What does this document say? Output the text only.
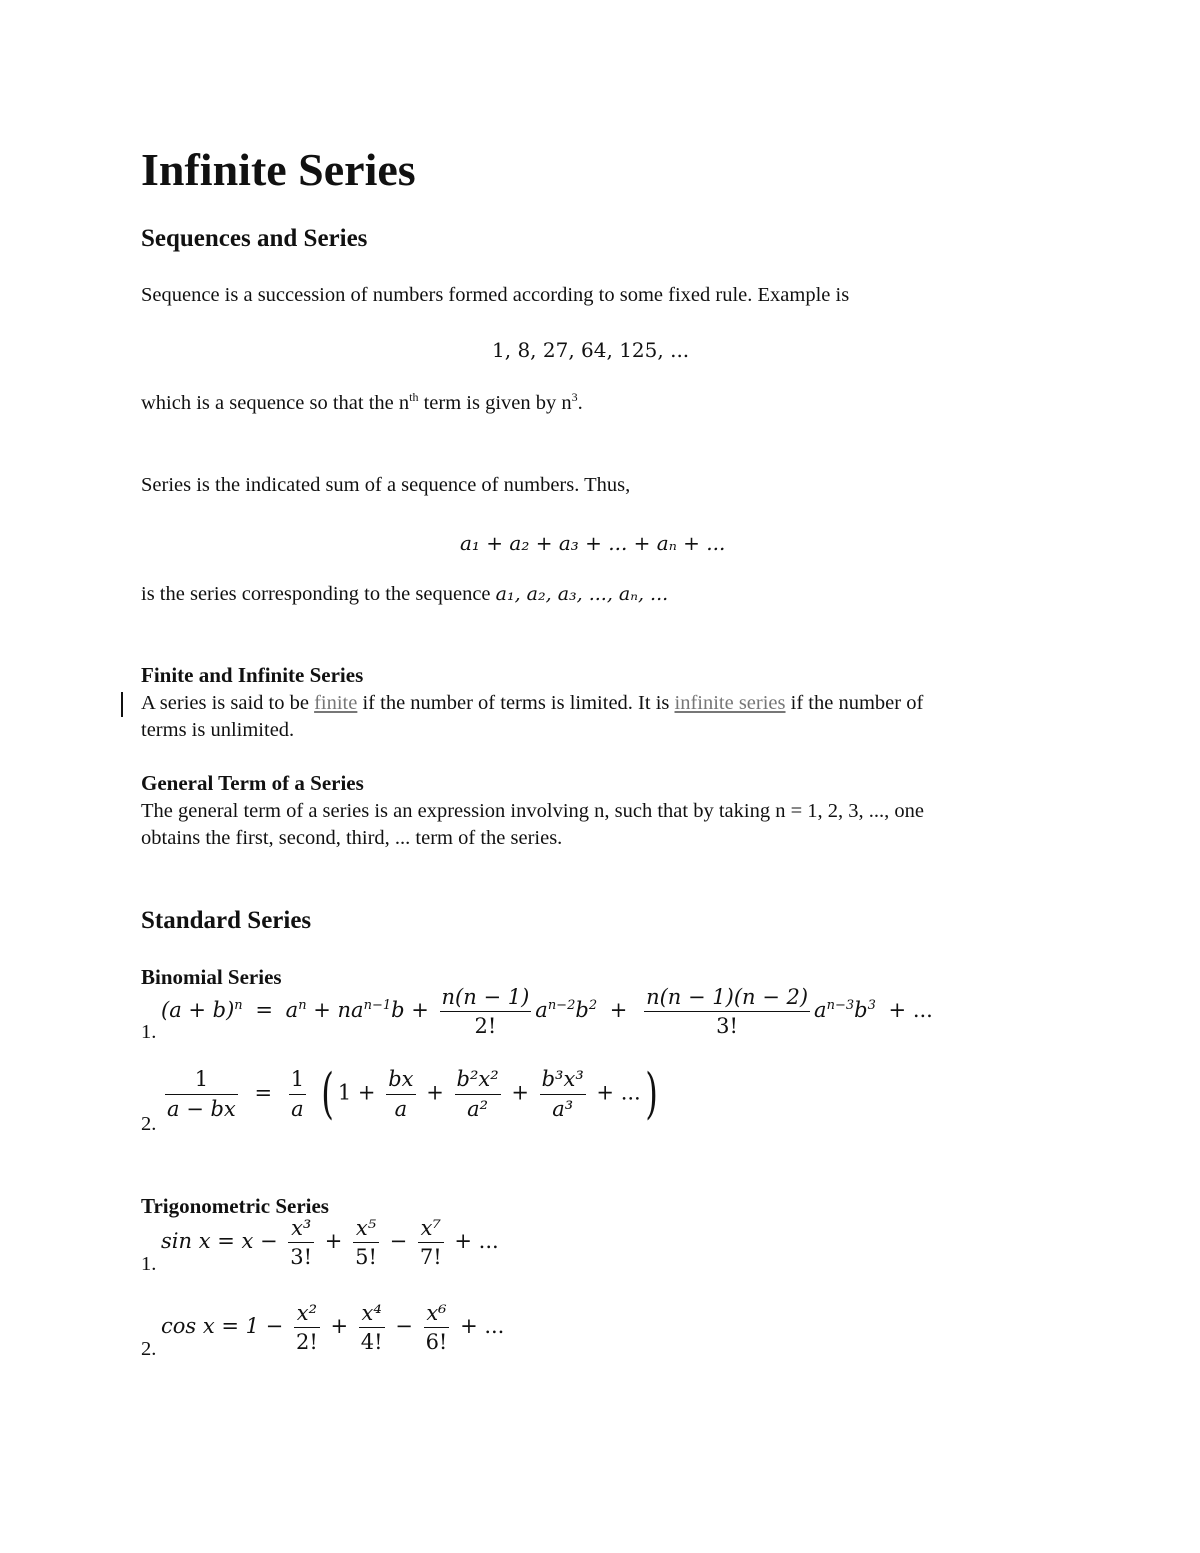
Infinite Series
Sequences and Series
Sequence is a succession of numbers formed according to some fixed rule. Example is
1, 8, 27, 64, 125, ...
which is a sequence so that the $n^{th}$ term is given by $n^3$.
Series is the indicated sum of a sequence of numbers. Thus,
a₁ + a₂ + a₃ + ... + aₙ + ...
is the series corresponding to the sequence a₁, a₂, a₃, ..., aₙ, ...
Finite and Infinite Series
A series is said to be finite if the number of terms is limited. It is infinite series if the number of
terms is unlimited.
General Term of a Series
The general term of a series is an expression involving n, such that by taking n = 1, 2, 3, ..., one
obtains the first, second, third, ... term of the series.
Standard Series
Binomial Series
1.
$(a + b)^n = a^n + na^{n-1}b + \frac{n(n - 1)}{2!} a^{n-2}b^2 + \frac{n(n - 1)(n - 2)}{3!} a^{n-3}b^3$ + ...
2.
$\frac{1}{a - bx} = \frac{1}{a}$ ( $1 + \frac{bx}{a} + \frac{\text{b²x²}}{\text{a²}} + \frac{\text{b³x³}}{\text{a³}}$ + ...)
Trigonometric Series
1.
$\sin x = x - \frac{\text{x³}}{3!} + \frac{\text{x⁵}}{5!} - \frac{\text{x⁷}}{7!}$ + ...
2.
$\cos x = 1 - \frac{\text{x²}}{2!} + \frac{\text{x⁴}}{4!} - \frac{\text{x⁶}}{6!}$ + ...
